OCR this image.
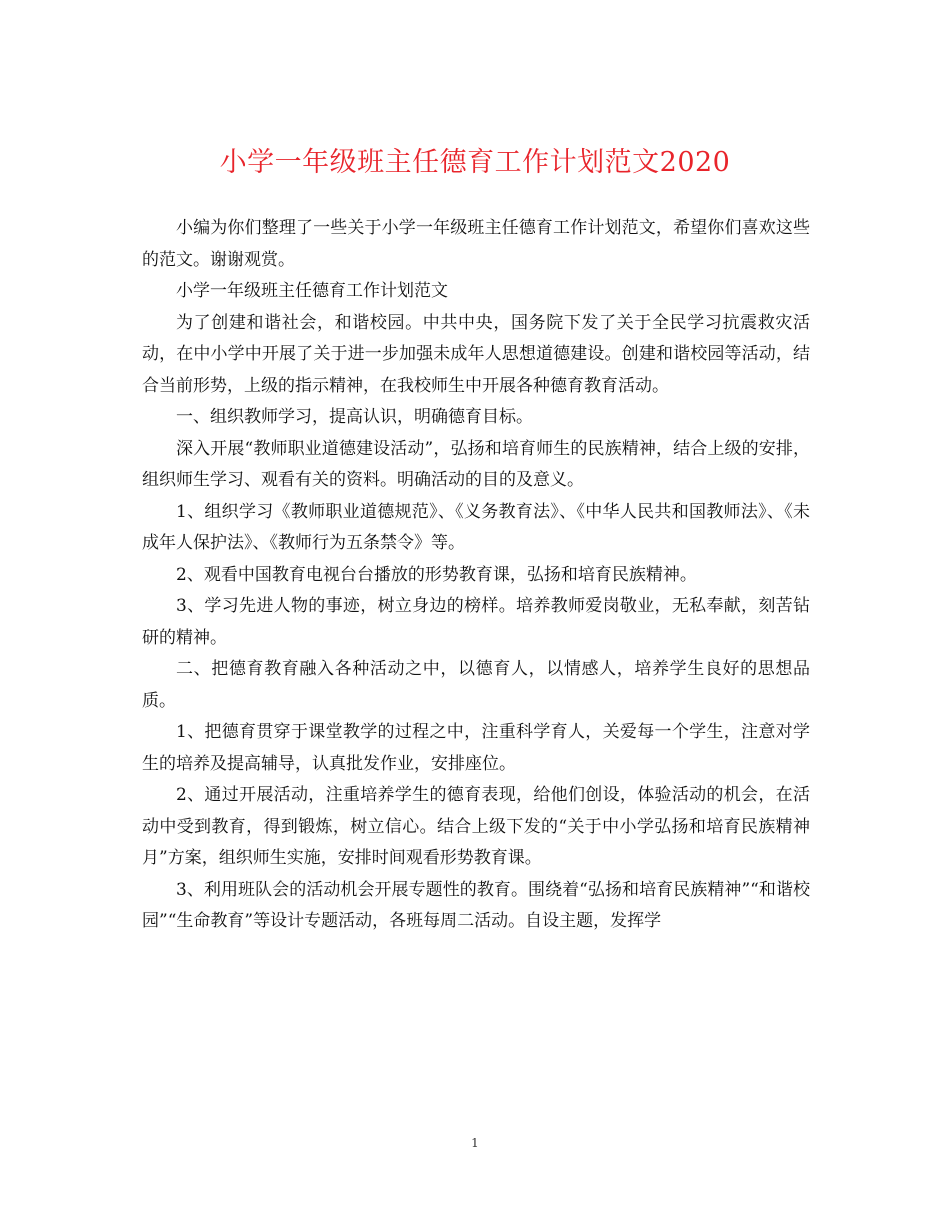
小学一年级班主任德育工作计划范文2020

小编为你们整理了一些关于小学一年级班主任德育工作计划范文，希望你们喜欢这些的范文。谢谢观赏。

小学一年级班主任德育工作计划范文

为了创建和谐社会，和谐校园。中共中央，国务院下发了关于全民学习抗震救灾活动，在中小学中开展了关于进一步加强未成年人思想道德建设。创建和谐校园等活动，结合当前形势，上级的指示精神，在我校师生中开展各种德育教育活动。

一、组织教师学习，提高认识，明确德育目标。

深入开展“教师职业道德建设活动”，弘扬和培育师生的民族精神，结合上级的安排，组织师生学习、观看有关的资料。明确活动的目的及意义。

1、组织学习《教师职业道德规范》、《义务教育法》、《中华人民共和国教师法》、《未成年人保护法》、《教师行为五条禁令》等。

2、观看中国教育电视台台播放的形势教育课，弘扬和培育民族精神。

3、学习先进人物的事迹，树立身边的榜样。培养教师爱岗敬业，无私奉献，刻苦钻研的精神。

二、把德育教育融入各种活动之中，以德育人，以情感人，培养学生良好的思想品质。

1、把德育贯穿于课堂教学的过程之中，注重科学育人，关爱每一个学生，注意对学生的培养及提高辅导，认真批发作业，安排座位。

2、通过开展活动，注重培养学生的德育表现，给他们创设，体验活动的机会，在活动中受到教育，得到锻炼，树立信心。结合上级下发的“关于中小学弘扬和培育民族精神月”方案，组织师生实施，安排时间观看形势教育课。

3、利用班队会的活动机会开展专题性的教育。围绕着“弘扬和培育民族精神”“和谐校园”“生命教育”等设计专题活动，各班每周二活动。自设主题，发挥学

1
